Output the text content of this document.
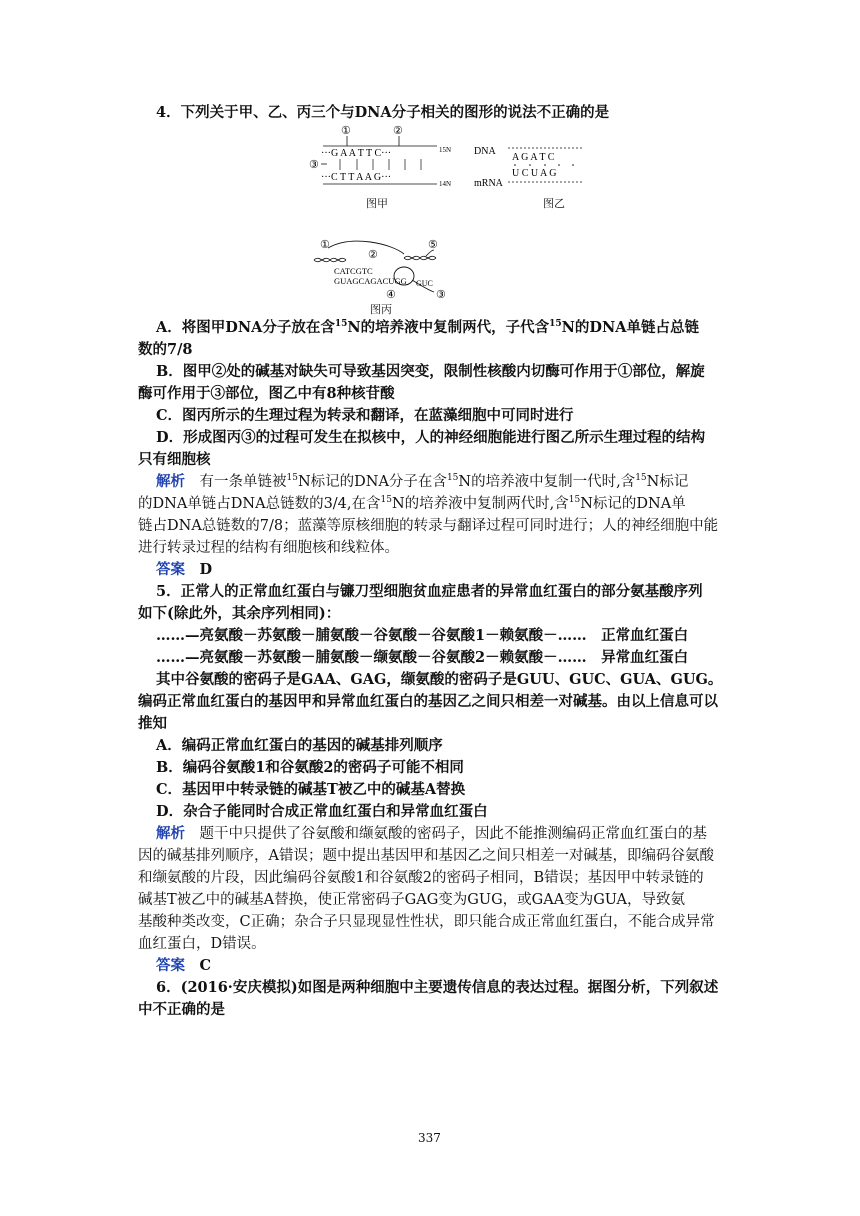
4．下列关于甲、乙、丙三个与DNA分子相关的图形的说法不正确的是
①	②
···G A A T T C···	15N
③
···C T T A A G···
14N
图甲
DNA
A G A T C
U C U A G
mRNA
图乙
①
②
⑤
CATCGTC
GUAGCAGACUGG GUC
④	③
图丙
A．将图甲DNA分子放在含$^{15}$N的培养液中复制两代，子代含$^{15}$N的DNA单链占总链
数的7/8
B．图甲②处的碱基对缺失可导致基因突变，限制性核酸内切酶可作用于①部位，解旋
酶可作用于③部位，图乙中有8种核苷酸
C．图丙所示的生理过程为转录和翻译，在蓝藻细胞中可同时进行
D．形成图丙③的过程可发生在拟核中，人的神经细胞能进行图乙所示生理过程的结构
只有细胞核
解析　 有一条单链被$^{15}$N标记的DNA分子在含$^{15}$N的培养液中复制一代时,含$^{15}$N标记
的DNA单链占DNA总链数的3/4,在含$^{15}$N的培养液中复制两代时,含$^{15}$N标记的DNA单
链占DNA总链数的7/8；蓝藻等原核细胞的转录与翻译过程可同时进行；人的神经细胞中能
进行转录过程的结构有细胞核和线粒体。
答案　 D
5．正常人的正常血红蛋白与镰刀型细胞贫血症患者的异常血红蛋白的部分氨基酸序列
如下(除此外，其余序列相同)：
……—亮氨酸－苏氨酸－脯氨酸－谷氨酸－谷氨酸1－赖氨酸－……　 正常血红蛋白
……—亮氨酸－苏氨酸－脯氨酸－缬氨酸－谷氨酸2－赖氨酸－……　 异常血红蛋白
其中谷氨酸的密码子是GAA、GAG，缬氨酸的密码子是GUU、GUC、GUA、GUG。
编码正常血红蛋白的基因甲和异常血红蛋白的基因乙之间只相差一对碱基。由以上信息可以
推知
A．编码正常血红蛋白的基因的碱基排列顺序
B．编码谷氨酸1和谷氨酸2的密码子可能不相同
C．基因甲中转录链的碱基T被乙中的碱基A替换
D．杂合子能同时合成正常血红蛋白和异常血红蛋白
解析　 题干中只提供了谷氨酸和缬氨酸的密码子，因此不能推测编码正常血红蛋白的基
因的碱基排列顺序，A错误；题中提出基因甲和基因乙之间只相差一对碱基，即编码谷氨酸
和缬氨酸的片段，因此编码谷氨酸1和谷氨酸2的密码子相同，B错误；基因甲中转录链的
碱基T被乙中的碱基A替换，使正常密码子GAG变为GUG，或GAA变为GUA，导致氨
基酸种类改变，C正确；杂合子只显现显性性状，即只能合成正常血红蛋白，不能合成异常
血红蛋白，D错误。
答案　 C
6．(2016·安庆模拟)如图是两种细胞中主要遗传信息的表达过程。据图分析，下列叙述
中不正确的是
337
